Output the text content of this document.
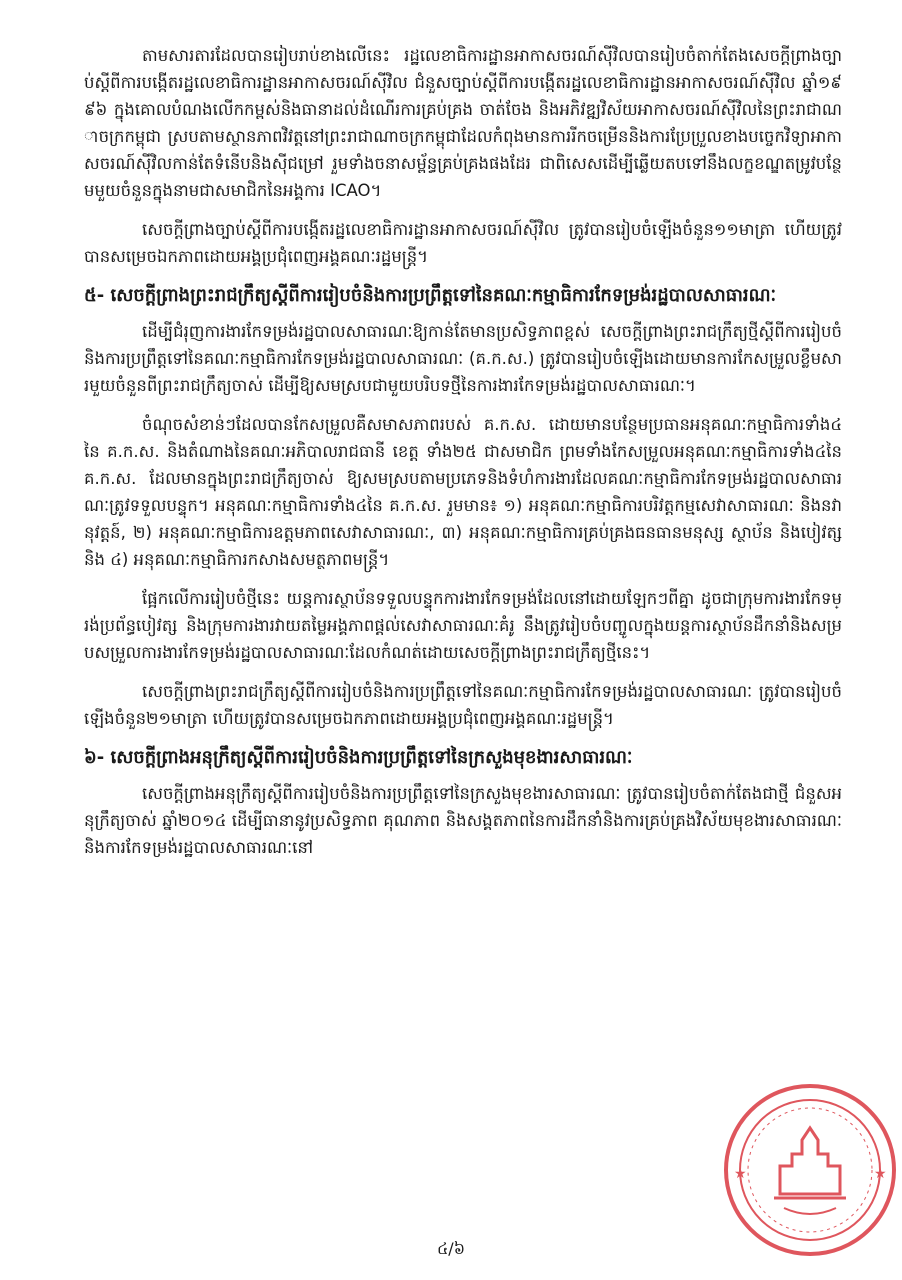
តាមសារតារដែលបានរៀបរាប់ខាងលើនេះ រដ្ឋលេខាធិការដ្ឋានអាកាសចរណ៍ស៊ីវិលបានរៀបចំតាក់តែងសេចក្ដីព្រាងច្បាប់ស្ដីពីការបង្កើតរដ្ឋលេខាធិការដ្ឋានអាកាសចរណ៍ស៊ីវិល ជំនួសច្បាប់ស្ដីពីការបង្កើតរដ្ឋលេខាធិការដ្ឋានអាកាសចរណ៍ស៊ីវិល ឆ្នាំ១៩៩៦ ក្នុងគោលបំណងលើកកម្ពស់និងធានាដល់ដំណើរការគ្រប់គ្រង ចាត់ចែង និងអភិវឌ្ឍវិស័យអាកាសចរណ៍ស៊ីវិលនៃព្រះរាជាណាចក្រកម្ពុជា ស្របតាមស្ថានភាពវិវត្តនៅព្រះរាជាណាចក្រកម្ពុជាដែលកំពុងមានការរីកចម្រើននិងការប្រែប្រួលខាងបច្ចេកវិទ្យាអាកាសចរណ៍ស៊ីវិលកាន់តែទំនើបនិងស៊ីជម្រៅ រួមទាំងចនាសម្ព័ន្ធគ្រប់គ្រងផងដែរ ជាពិសេសដើម្បីឆ្លើយតបទៅនឹងលក្ខខណ្ឌតម្រូវបន្ថែមមួយចំនួនក្នុងនាមជាសមាជិកនៃអង្គការ ICAO។

សេចក្ដីព្រាងច្បាប់ស្ដីពីការបង្កើតរដ្ឋលេខាធិការដ្ឋានអាកាសចរណ៍ស៊ីវិល ត្រូវបានរៀបចំឡើងចំនួន១១មាត្រា ហើយត្រូវបានសម្រេចឯកភាពដោយអង្គប្រជុំពេញអង្គគណៈរដ្ឋមន្ត្រី។

៥- សេចក្ដីព្រាងព្រះរាជក្រឹត្យស្ដីពីការរៀបចំនិងការប្រព្រឹត្តទៅនៃគណៈកម្មាធិការកែទម្រង់រដ្ឋបាលសាធារណៈ

ដើម្បីជំរុញការងារកែទម្រង់រដ្ឋបាលសាធារណៈឱ្យកាន់តែមានប្រសិទ្ធភាពខ្ពស់ សេចក្ដីព្រាងព្រះរាជក្រឹត្យថ្មីស្ដីពីការរៀបចំនិងការប្រព្រឹត្តទៅនៃគណៈកម្មាធិការកែទម្រង់រដ្ឋបាលសាធារណៈ (គ.ក.ស.) ត្រូវបានរៀបចំឡើងដោយមានការកែសម្រួលខ្លឹមសារមួយចំនួនពីព្រះរាជក្រឹត្យចាស់ ដើម្បីឱ្យសមស្របជាមួយបរិបទថ្មីនៃការងារកែទម្រង់រដ្ឋបាលសាធារណៈ។

ចំណុចសំខាន់ៗដែលបានកែសម្រួលគឺសមាសភាពរបស់ គ.ក.ស. ដោយមានបន្ថែមប្រធានអនុគណៈកម្មាធិការទាំង៤ នៃ គ.ក.ស. និងតំណាងនៃគណៈអភិបាលរាជធានី ខេត្ត ទាំង២៥ ជាសមាជិក ព្រមទាំងកែសម្រួលអនុគណៈកម្មាធិការទាំង៤នៃ គ.ក.ស. ដែលមានក្នុងព្រះរាជក្រឹត្យចាស់ ឱ្យសមស្របតាមប្រភេទនិងទំហំការងារដែលគណៈកម្មាធិការកែទម្រង់រដ្ឋបាលសាធារណៈត្រូវទទួលបន្ទុក។ អនុគណៈកម្មាធិការទាំង៤នៃ គ.ក.ស. រួមមាន៖ ១) អនុគណៈកម្មាធិការបរិវត្តកម្មសេវាសាធារណៈ និងនវានុវត្តន៍, ២) អនុគណៈកម្មាធិការឧត្តមភាពសេវាសាធារណៈ, ៣) អនុគណៈកម្មាធិការគ្រប់គ្រងធនធានមនុស្ស ស្ថាប័ន និងបៀវត្ស និង ៤) អនុគណៈកម្មាធិការកសាងសមត្ថភាពមន្ត្រី។

ផ្អែកលើការរៀបចំថ្មីនេះ យន្តការស្ថាប័នទទួលបន្ទុកការងារកែទម្រង់ដែលនៅដោយឡែកៗពីគ្នា ដូចជាក្រុមការងារកែទម្រង់ប្រព័ន្ធបៀវត្ស និងក្រុមការងារវាយតម្លៃអង្គភាពផ្ដល់សេវាសាធារណៈគំរូ នឹងត្រូវរៀបចំបញ្ចូលក្នុងយន្តការស្ថាប័នដឹកនាំនិងសម្របសម្រួលការងារកែទម្រង់រដ្ឋបាលសាធារណៈដែលកំណត់ដោយសេចក្ដីព្រាងព្រះរាជក្រឹត្យថ្មីនេះ។

សេចក្ដីព្រាងព្រះរាជក្រឹត្យស្ដីពីការរៀបចំនិងការប្រព្រឹត្តទៅនៃគណៈកម្មាធិការកែទម្រង់រដ្ឋបាលសាធារណៈ ត្រូវបានរៀបចំឡើងចំនួន២១មាត្រា ហើយត្រូវបានសម្រេចឯកភាពដោយអង្គប្រជុំពេញអង្គគណៈរដ្ឋមន្ត្រី។

៦- សេចក្ដីព្រាងអនុក្រឹត្យស្ដីពីការរៀបចំនិងការប្រព្រឹត្តទៅនៃក្រសួងមុខងារសាធារណៈ

សេចក្ដីព្រាងអនុក្រឹត្យស្ដីពីការរៀបចំនិងការប្រព្រឹត្តទៅនៃក្រសួងមុខងារសាធារណៈ ត្រូវបានរៀបចំតាក់តែងជាថ្មី ជំនួសអនុក្រឹត្យចាស់ ឆ្នាំ២០១៤ ដើម្បីធានានូវប្រសិទ្ធភាព គុណភាព និងសង្គតភាពនៃការដឹកនាំនិងការគ្រប់គ្រងវិស័យមុខងារសាធារណៈ និងការកែទម្រង់រដ្ឋបាលសាធារណៈនៅ

★	★
៤/៦
